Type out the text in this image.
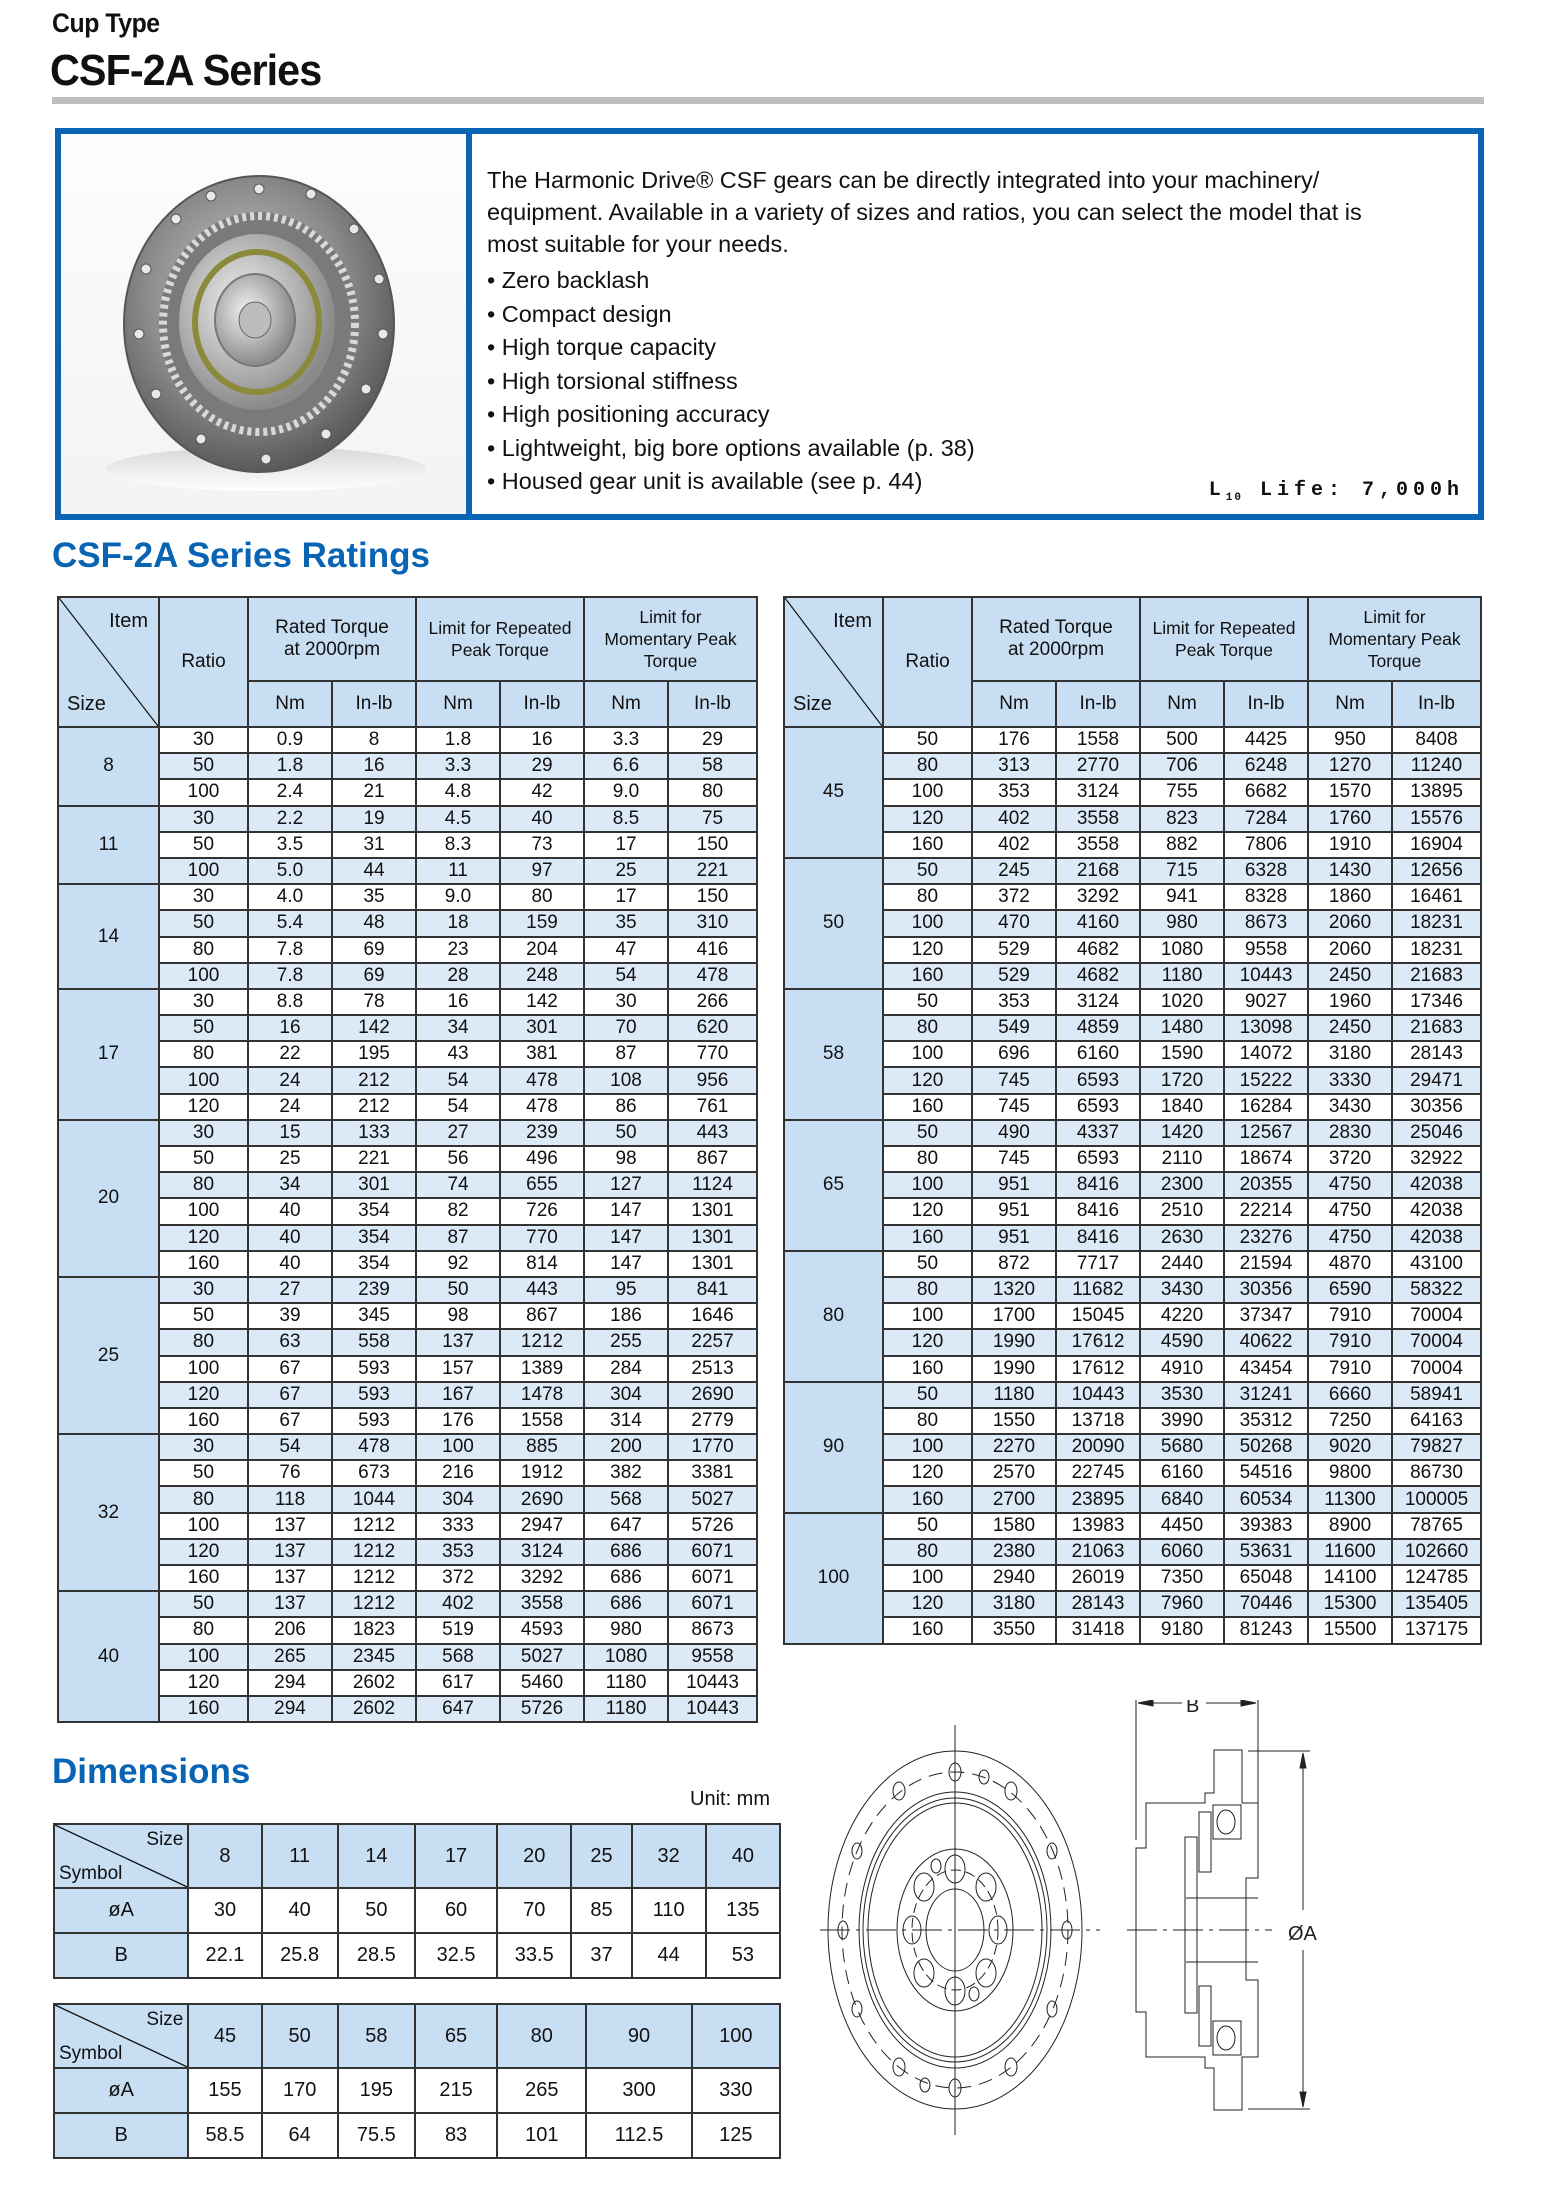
Cup Type
CSF-2A Series

The Harmonic Drive® CSF gears can be directly integrated into your machinery/
equipment. Available in a variety of sizes and ratios, you can select the model that is
most suitable for your needs.

• Zero backlash
• Compact design
• High torque capacity
• High torsional stiffness
• High positioning accuracy
• Lightweight, big bore options available (p. 38)
• Housed gear unit is available (see p. 44)	$L_{10}$ Life: 7,000h
CSF-2A Series Ratings
Item
Size	Ratio	Rated Torque
at 2000rpm		Limit for Repeated
Peak Torque		Limit for
Momentary Peak
Torque	

		Nm	In-lb	Nm	In-lb	Nm	In-lb
8	30	0.9	8	1.8	16	3.3	29
	50	1.8	16	3.3	29	6.6	58
	100	2.4	21	4.8	42	9.0	80
11	30	2.2	19	4.5	40	8.5	75
	50	3.5	31	8.3	73	17	150
	100	5.0	44	11	97	25	221
14	30	4.0	35	9.0	80	17	150
	50	5.4	48	18	159	35	310
	80	7.8	69	23	204	47	416
	100	7.8	69	28	248	54	478
17	30	8.8	78	16	142	30	266
	50	16	142	34	301	70	620
	80	22	195	43	381	87	770
	100	24	212	54	478	108	956
	120	24	212	54	478	86	761
20	30	15	133	27	239	50	443
	50	25	221	56	496	98	867
	80	34	301	74	655	127	1124
	100	40	354	82	726	147	1301
	120	40	354	87	770	147	1301
	160	40	354	92	814	147	1301
25	30	27	239	50	443	95	841
	50	39	345	98	867	186	1646
	80	63	558	137	1212	255	2257
	100	67	593	157	1389	284	2513
	120	67	593	167	1478	304	2690
	160	67	593	176	1558	314	2779
32	30	54	478	100	885	200	1770
	50	76	673	216	1912	382	3381
	80	118	1044	304	2690	568	5027
	100	137	1212	333	2947	647	5726
	120	137	1212	353	3124	686	6071
	160	137	1212	372	3292	686	6071
40	50	137	1212	402	3558	686	6071
	80	206	1823	519	4593	980	8673
	100	265	2345	568	5027	1080	9558
	120	294	2602	617	5460	1180	10443
	160	294	2602	647	5726	1180	10443
Item
Size	Ratio	Rated Torque
at 2000rpm		Limit for Repeated
Peak Torque		Limit for
Momentary Peak
Torque	

		Nm	In-lb	Nm	In-lb	Nm	In-lb
45	50	176	1558	500	4425	950	8408
	80	313	2770	706	6248	1270	11240
	100	353	3124	755	6682	1570	13895
	120	402	3558	823	7284	1760	15576
	160	402	3558	882	7806	1910	16904
50	50	245	2168	715	6328	1430	12656
	80	372	3292	941	8328	1860	16461
	100	470	4160	980	8673	2060	18231
	120	529	4682	1080	9558	2060	18231
	160	529	4682	1180	10443	2450	21683
58	50	353	3124	1020	9027	1960	17346
	80	549	4859	1480	13098	2450	21683
	100	696	6160	1590	14072	3180	28143
	120	745	6593	1720	15222	3330	29471
	160	745	6593	1840	16284	3430	30356
65	50	490	4337	1420	12567	2830	25046
	80	745	6593	2110	18674	3720	32922
	100	951	8416	2300	20355	4750	42038
	120	951	8416	2510	22214	4750	42038
	160	951	8416	2630	23276	4750	42038
80	50	872	7717	2440	21594	4870	43100
	80	1320	11682	3430	30356	6590	58322
	100	1700	15045	4220	37347	7910	70004
	120	1990	17612	4590	40622	7910	70004
	160	1990	17612	4910	43454	7910	70004
90	50	1180	10443	3530	31241	6660	58941
	80	1550	13718	3990	35312	7250	64163
	100	2270	20090	5680	50268	9020	79827
	120	2570	22745	6160	54516	9800	86730
	160	2700	23895	6840	60534	11300	100005
100	50	1580	13983	4450	39383	8900	78765
	80	2380	21063	6060	53631	11600	102660
	100	2940	26019	7350	65048	14100	124785
	120	3180	28143	7960	70446	15300	135405
	160	3550	31418	9180	81243	15500	137175
Dimensions
Unit: mm
Size
Symbol	8	11	14	17	20	25	32	40
øA	30	40	50	60	70	85	110	135
B	22.1	25.8	28.5	32.5	33.5	37	44	53
Size
Symbol	45	50	58	65	80	90	100
øA	155	170	195	215	265	300	330
B	58.5	64	75.5	83	101	112.5	125
B
ØA
